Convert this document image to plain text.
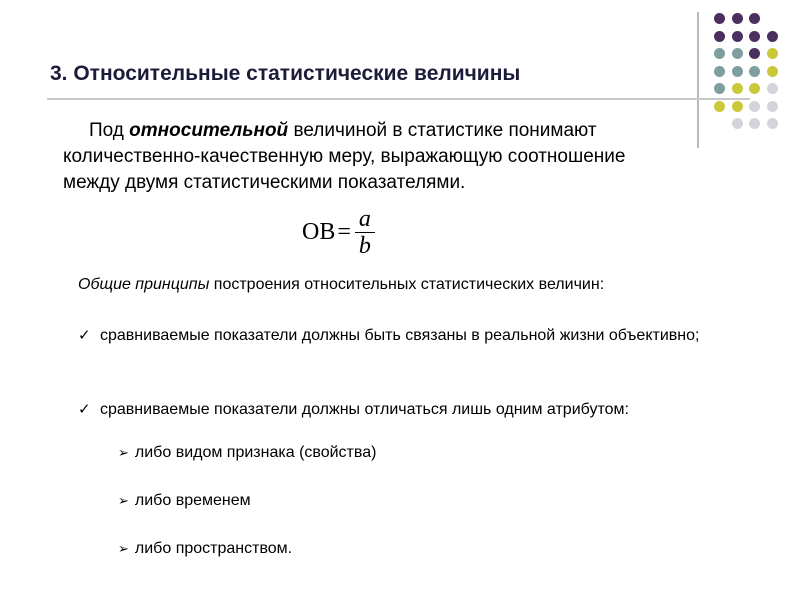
3. Относительные статистические величины
Под относительной величиной в статистике понимают количественно-качественную меру, выражающую соотношение между двумя статистическими показателями.
ОВ = $\frac{a}{b}$
Общие принципы построения относительных статистических величин:
✓ сравниваемые показатели должны быть связаны в реальной жизни объективно;
✓ сравниваемые показатели должны отличаться лишь одним атрибутом:
➢ либо видом признака (свойства)
➢ либо временем
➢ либо пространством.
